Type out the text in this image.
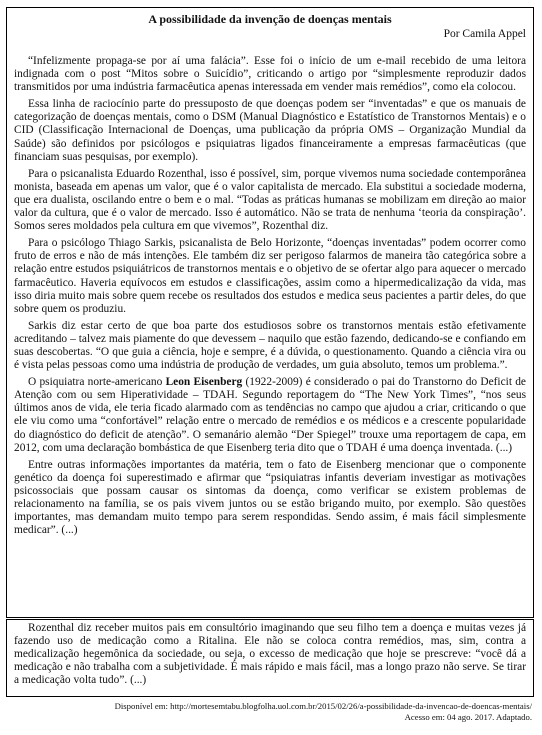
A possibilidade da invenção de doenças mentais

Por Camila Appel

“Infelizmente propaga-se por aí uma falácia”. Esse foi o início de um e-mail recebido de uma leitora indignada com o post “Mitos sobre o Suicídio”, criticando o artigo por “simplesmente reproduzir dados transmitidos por uma indústria farmacêutica apenas interessada em vender mais remédios”, como ela colocou.

Essa linha de raciocínio parte do pressuposto de que doenças podem ser “inventadas” e que os manuais de categorização de doenças mentais, como o DSM (Manual Diagnóstico e Estatístico de Transtornos Mentais) e o CID (Classificação Internacional de Doenças, uma publicação da própria OMS – Organização Mundial da Saúde) são definidos por psicólogos e psiquiatras ligados financeiramente a empresas farmacêuticas (que financiam suas pesquisas, por exemplo).

Para o psicanalista Eduardo Rozenthal, isso é possível, sim, porque vivemos numa sociedade contemporânea monista, baseada em apenas um valor, que é o valor capitalista de mercado. Ela substitui a sociedade moderna, que era dualista, oscilando entre o bem e o mal. “Todas as práticas humanas se mobilizam em direção ao maior valor da cultura, que é o valor de mercado. Isso é automático. Não se trata de nenhuma ‘teoria da conspiração’. Somos seres moldados pela cultura em que vivemos”, Rozenthal diz.

Para o psicólogo Thiago Sarkis, psicanalista de Belo Horizonte, “doenças inventadas” podem ocorrer como fruto de erros e não de más intenções. Ele também diz ser perigoso falarmos de maneira tão categórica sobre a relação entre estudos psiquiátricos de transtornos mentais e o objetivo de se ofertar algo para aquecer o mercado farmacêutico. Haveria equívocos em estudos e classificações, assim como a hipermedicalização da vida, mas isso diria muito mais sobre quem recebe os resultados dos estudos e medica seus pacientes a partir deles, do que sobre quem os produziu.

Sarkis diz estar certo de que boa parte dos estudiosos sobre os transtornos mentais estão efetivamente acreditando – talvez mais piamente do que devessem – naquilo que estão fazendo, dedicando-se e confiando em suas descobertas. “O que guia a ciência, hoje e sempre, é a dúvida, o questionamento. Quando a ciência vira ou é vista pelas pessoas como uma indústria de produção de verdades, um guia absoluto, temos um problema.”.

O psiquiatra norte-americano Leon Eisenberg (1922-2009) é considerado o pai do Transtorno do Deficit de Atenção com ou sem Hiperatividade – TDAH. Segundo reportagem do “The New York Times”, “nos seus últimos anos de vida, ele teria ficado alarmado com as tendências no campo que ajudou a criar, criticando o que ele viu como uma “confortável” relação entre o mercado de remédios e os médicos e a crescente popularidade do diagnóstico do deficit de atenção”. O semanário alemão “Der Spiegel” trouxe uma reportagem de capa, em 2012, com uma declaração bombástica de que Eisenberg teria dito que o TDAH é uma doença inventada. (...)

Entre outras informações importantes da matéria, tem o fato de Eisenberg mencionar que o componente genético da doença foi superestimado e afirmar que “psiquiatras infantis deveriam investigar as motivações psicossociais que possam causar os sintomas da doença, como verificar se existem problemas de relacionamento na família, se os pais vivem juntos ou se estão brigando muito, por exemplo. São questões importantes, mas demandam muito tempo para serem respondidas. Sendo assim, é mais fácil simplesmente medicar”. (...)

Rozenthal diz receber muitos pais em consultório imaginando que seu filho tem a doença e muitas vezes já fazendo uso de medicação como a Ritalina. Ele não se coloca contra remédios, mas, sim, contra a medicalização hegemônica da sociedade, ou seja, o excesso de medicação que hoje se prescreve: “você dá a medicação e não trabalha com a subjetividade. É mais rápido e mais fácil, mas a longo prazo não serve. Se tirar a medicação volta tudo”. (...)

Disponível em: http://mortesemtabu.blogfolha.uol.com.br/2015/02/26/a-possibilidade-da-invencao-de-doencas-mentais/
Acesso em: 04 ago. 2017. Adaptado.
